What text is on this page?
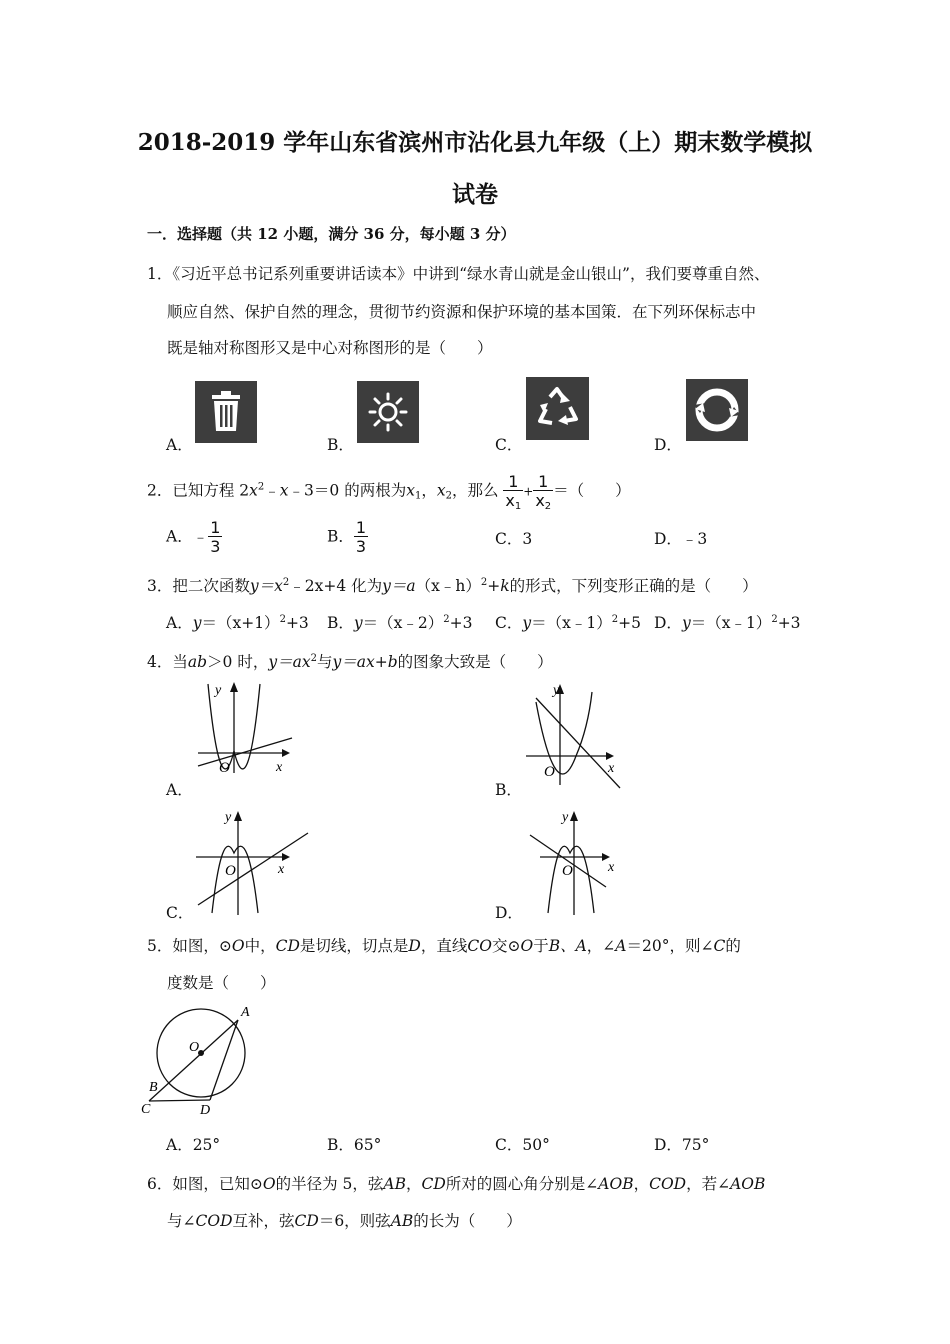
2018-2019 学年山东省滨州市沾化县九年级（上）期末数学模拟
试卷
一．选择题（共 12 小题，满分 36 分，每小题 3 分）
1．《习近平总书记系列重要讲话读本》中讲到“绿水青山就是金山银山”，我们要尊重自然、
顺应自然、保护自然的理念，贯彻节约资源和保护环境的基本国策．在下列环保标志中
既是轴对称图形又是中心对称图形的是（　　）
A．	B．	C．	D．
2．已知方程 $2x^2﹣x﹣3=0$ 的两根为$x_1$，$x_2$，那么 $\frac{1}{x_1} + \frac{1}{x_2}$ ＝（　　）
A．﹣ $\frac{1}{3}$	B． $\frac{1}{3}$	C．3	D．﹣3
3．把二次函数$y=x^2﹣2x+4$ 化为y＝a（x﹣h）$^2$+k的形式，下列变形正确的是（　　）
A．$y=(x+1)^2+3$ B．y＝（x﹣2）$^2$+3 C．y＝（x﹣1）$^2$+5 D．y＝（x﹣1）$^2$+3
4．当ab＞0 时，$y=ax^2$与y＝ax+b的图象大致是（　　）
A．
y
x
O
B．
y
x
O
C．
y
x
O
D．
y
x
O
5．如图，⊙O中，CD是切线，切点是D，直线CO交⊙O于B、A，∠A＝20°，则∠C的
度数是（　　）
A
O
B
C	D
A．25°	B．65°	C．50°	D．75°
6．如图，已知⊙O的半径为 5，弦AB，CD所对的圆心角分别是∠AOB，COD，若∠AOB
与∠COD互补，弦CD＝6，则弦AB的长为（　　）
